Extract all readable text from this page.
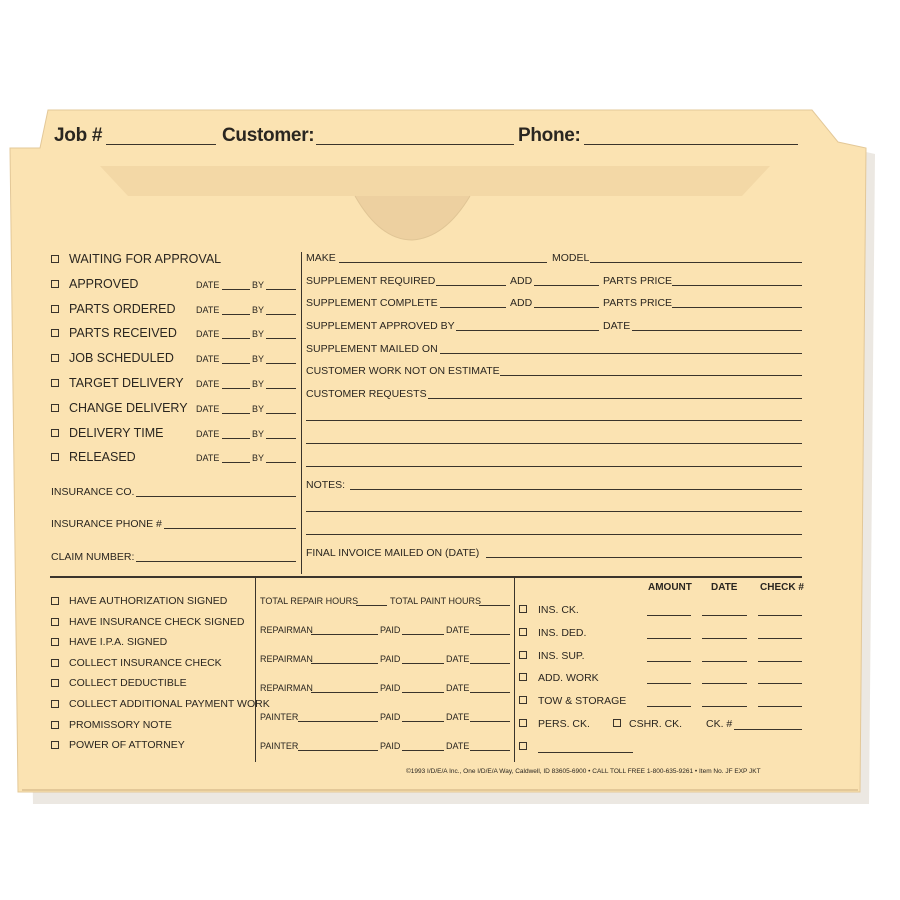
Job #	Customer:	Phone:
WAITING FOR APPROVAL
APPROVED	DATE	BY
PARTS ORDERED DATE	BY
PARTS RECEIVED DATE	BY
JOB SCHEDULED DATE	BY
TARGET DELIVERY DATE	BY
CHANGE DELIVERY DATE	BY
DELIVERY TIME	DATE	BY
RELEASED	DATE	BY
MAKE	MODEL
SUPPLEMENT REQUIRED	ADD	PARTS PRICE
SUPPLEMENT COMPLETE	ADD	PARTS PRICE
SUPPLEMENT APPROVED BY	DATE
SUPPLEMENT MAILED ON
CUSTOMER WORK NOT ON ESTIMATE
CUSTOMER REQUESTS
NOTES:
FINAL INVOICE MAILED ON (DATE)
HAVE AUTHORIZATION SIGNED
HAVE INSURANCE CHECK SIGNED
HAVE I.P.A. SIGNED
COLLECT INSURANCE CHECK
COLLECT DEDUCTIBLE
COLLECT ADDITIONAL PAYMENT WORK
PROMISSORY NOTE
POWER OF ATTORNEY
TOTAL REPAIR HOURS	TOTAL PAINT HOURS
REPAIRMAN	PAID	DATE
REPAIRMAN	PAID	DATE
REPAIRMAN	PAID	DATE
PAINTER	PAID	DATE
PAINTER	PAID	DATE
AMOUNT DATE CHECK #
INS. CK.
INS. DED.
INS. SUP.
ADD. WORK
TOW & STORAGE
PERS. CK.	CSHR. CK. CK. #
INSURANCE CO.
INSURANCE PHONE #
CLAIM NUMBER:
©1993 I/D/E/A Inc., One I/D/E/A Way, Caldwell, ID 83605-6900 • CALL TOLL FREE 1-800-635-9261 • Item No. JF EXP JKT
